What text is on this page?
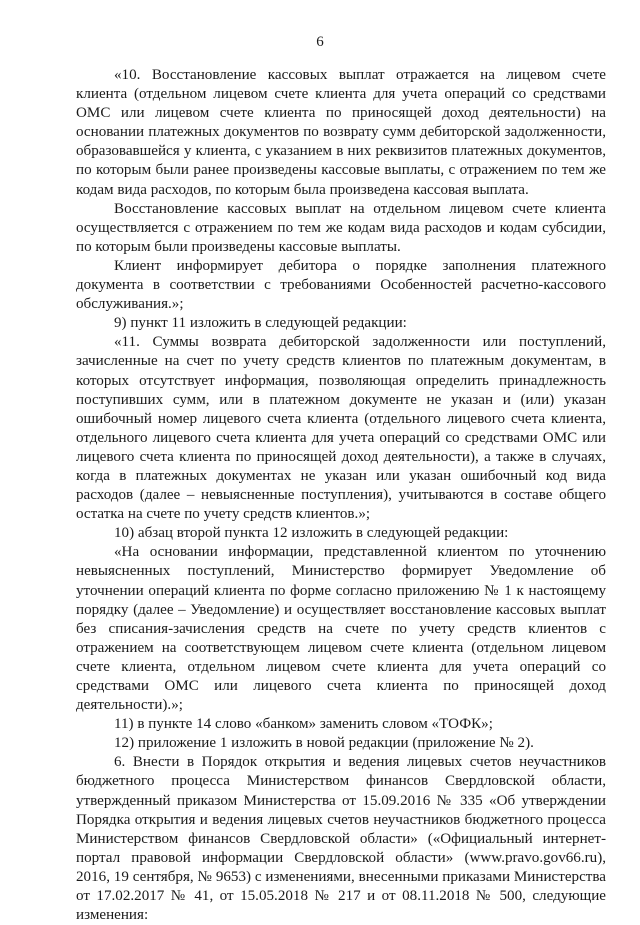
6

«10. Восстановление кассовых выплат отражается на лицевом счете клиента (отдельном лицевом счете клиента для учета операций со средствами ОМС или лицевом счете клиента по приносящей доход деятельности) на основании платежных документов по возврату сумм дебиторской задолженности, образовавшейся у клиента, с указанием в них реквизитов платежных документов, по которым были ранее произведены кассовые выплаты, с отражением по тем же кодам вида расходов, по которым была произведена кассовая выплата.

Восстановление кассовых выплат на отдельном лицевом счете клиента осуществляется с отражением по тем же кодам вида расходов и кодам субсидии, по которым были произведены кассовые выплаты.

Клиент информирует дебитора о порядке заполнения платежного документа в соответствии с требованиями Особенностей расчетно-кассового обслуживания.»;

9) пункт 11 изложить в следующей редакции:

«11. Суммы возврата дебиторской задолженности или поступлений, зачисленные на счет по учету средств клиентов по платежным документам, в которых отсутствует информация, позволяющая определить принадлежность поступивших сумм, или в платежном документе не указан и (или) указан ошибочный номер лицевого счета клиента (отдельного лицевого счета клиента, отдельного лицевого счета клиента для учета операций со средствами ОМС или лицевого счета клиента по приносящей доход деятельности), а также в случаях, когда в платежных документах не указан или указан ошибочный код вида расходов (далее – невыясненные поступления), учитываются в составе общего остатка на счете по учету средств клиентов.»;

10) абзац второй пункта 12 изложить в следующей редакции:

«На основании информации, представленной клиентом по уточнению невыясненных поступлений, Министерство формирует Уведомление об уточнении операций клиента по форме согласно приложению № 1 к настоящему порядку (далее – Уведомление) и осуществляет восстановление кассовых выплат без списания-зачисления средств на счете по учету средств клиентов с отражением на соответствующем лицевом счете клиента (отдельном лицевом счете клиента, отдельном лицевом счете клиента для учета операций со средствами ОМС или лицевого счета клиента по приносящей доход деятельности).»;

11) в пункте 14 слово «банком» заменить словом «ТОФК»;

12) приложение 1 изложить в новой редакции (приложение № 2).

6. Внести в Порядок открытия и ведения лицевых счетов неучастников бюджетного процесса Министерством финансов Свердловской области, утвержденный приказом Министерства от 15.09.2016 № 335 «Об утверждении Порядка открытия и ведения лицевых счетов неучастников бюджетного процесса Министерством финансов Свердловской области» («Официальный интернет-портал правовой информации Свердловской области» (www.pravo.gov66.ru), 2016, 19 сентября, № 9653) с изменениями, внесенными приказами Министерства от 17.02.2017 № 41, от 15.05.2018 № 217 и от 08.11.2018 № 500, следующие изменения:
